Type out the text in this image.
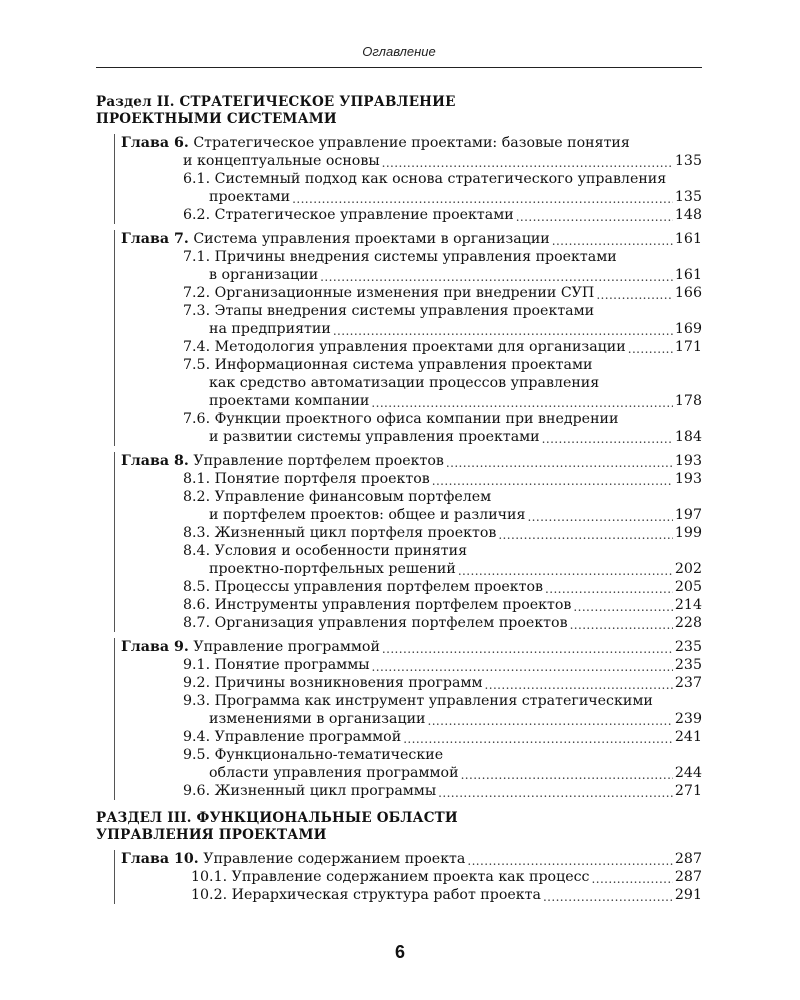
Оглавление
Раздел II. СТРАТЕГИЧЕСКОЕ УПРАВЛЕНИЕ
ПРОЕКТНЫМИ СИСТЕМАМИ
Глава 6. Стратегическое управление проектами: базовые понятия
и концептуальные основы .....	135
6.1. Системный подход как основа стратегического управления
проектами .....	135
6.2. Стратегическое управление проектами .....	148
Глава 7. Система управления проектами в организации .....	161
7.1. Причины внедрения системы управления проектами
в организации .....	161
7.2. Организационные изменения при внедрении СУП .....	166
7.3. Этапы внедрения системы управления проектами
на предприятии .....	169
7.4. Методология управления проектами для организации .....	171
7.5. Информационная система управления проектами
как средство автоматизации процессов управления
проектами компании .....	178
7.6. Функции проектного офиса компании при внедрении
и развитии системы управления проектами .....	184
Глава 8. Управление портфелем проектов .....	193
8.1. Понятие портфеля проектов .....	193
8.2. Управление финансовым портфелем
и портфелем проектов: общее и различия .....	197
8.3. Жизненный цикл портфеля проектов .....	199
8.4. Условия и особенности принятия
проектно-портфельных решений .....	202
8.5. Процессы управления портфелем проектов .....	205
8.6. Инструменты управления портфелем проектов .....	214
8.7. Организация управления портфелем проектов .....	228
Глава 9. Управление программой .....	235
9.1. Понятие программы .....	235
9.2. Причины возникновения программ .....	237
9.3. Программа как инструмент управления стратегическими
изменениями в организации .....	239
9.4. Управление программой .....	241
9.5. Функционально-тематические
области управления программой .....	244
9.6. Жизненный цикл программы .....	271
РАЗДЕЛ III. ФУНКЦИОНАЛЬНЫЕ ОБЛАСТИ
УПРАВЛЕНИЯ ПРОЕКТАМИ
Глава 10. Управление содержанием проекта .....	287
10.1. Управление содержанием проекта как процесс .....	287
10.2. Иерархическая структура работ проекта .....	291
6
